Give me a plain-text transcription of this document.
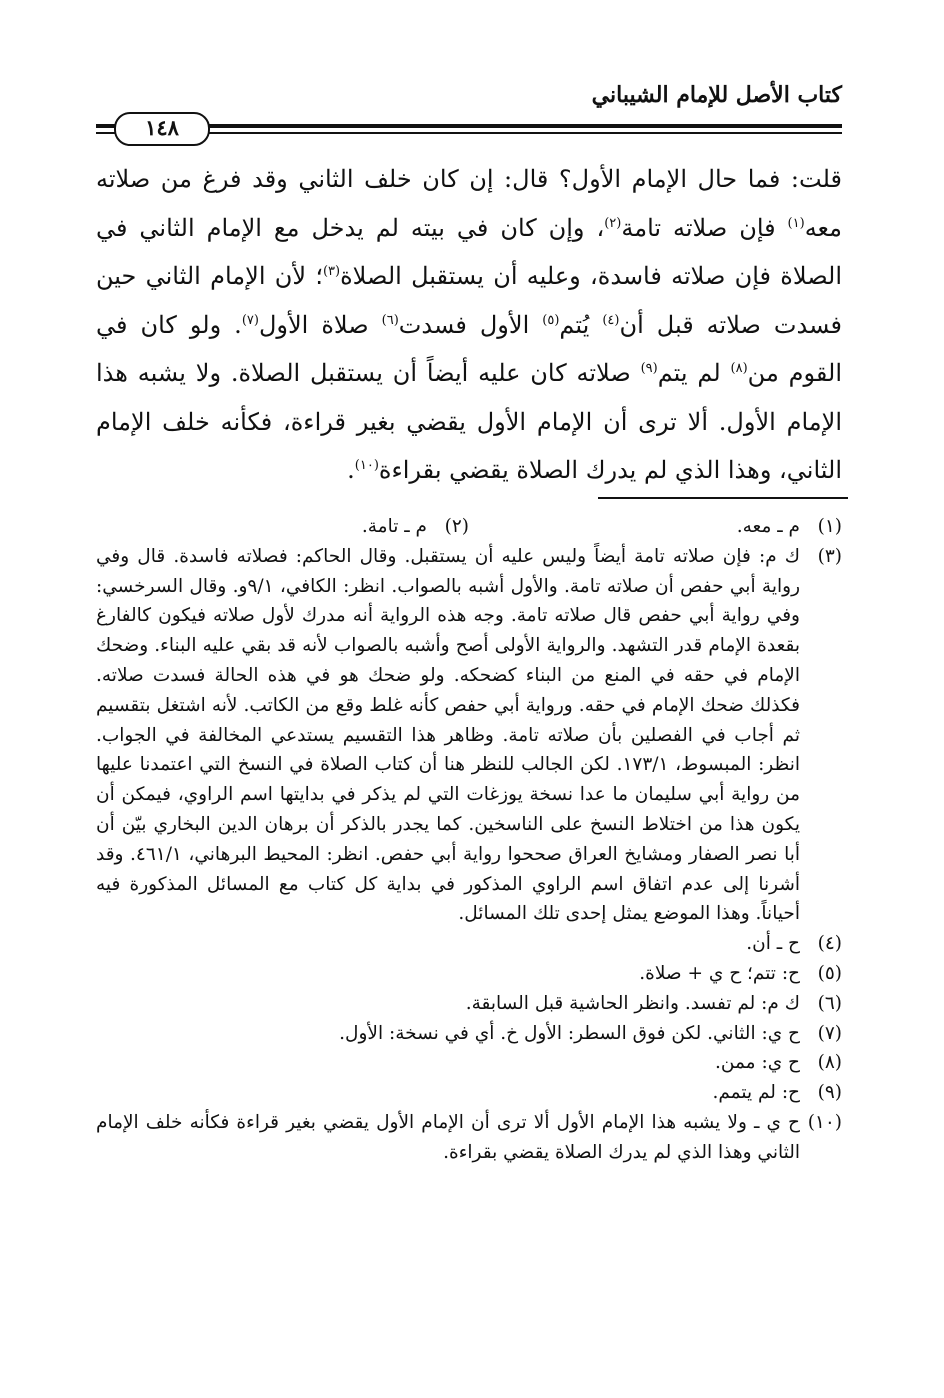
كتاب الأصل للإمام الشيباني
١٤٨
قلت: فما حال الإمام الأول؟ قال: إن كان خلف الثاني وقد فرغ من صلاته معه$^{(١)}$ فإن صلاته تامة$^{(٢)}$، وإن كان في بيته لم يدخل مع الإمام الثاني في الصلاة فإن صلاته فاسدة، وعليه أن يستقبل الصلاة$^{(٣)}$؛ لأن الإمام الثاني حين فسدت صلاته قبل أن$^{(٤)}$ يُتم$^{(٥)}$ الأول فسدت$^{(٦)}$ صلاة الأول$^{(٧)}$. ولو كان في القوم من$^{(٨)}$ لم يتم$^{(٩)}$ صلاته كان عليه أيضاً أن يستقبل الصلاة. ولا يشبه هذا الإمام الأول. ألا ترى أن الإمام الأول يقضي بغير قراءة، فكأنه خلف الإمام الثاني، وهذا الذي لم يدرك الصلاة يقضي بقراءة$^{(١٠)}$.
(١)
م ـ معه.
(٢)
م ـ تامة.
(٣)
ك م: فإن صلاته تامة أيضاً وليس عليه أن يستقبل. وقال الحاكم: فصلاته فاسدة. قال وفي رواية أبي حفص أن صلاته تامة. والأول أشبه بالصواب. انظر: الكافي، ٩/١و. وقال السرخسي: وفي رواية أبي حفص قال صلاته تامة. وجه هذه الرواية أنه مدرك لأول صلاته فيكون كالفارغ بقعدة الإمام قدر التشهد. والرواية الأولى أصح وأشبه بالصواب لأنه قد بقي عليه البناء. وضحك الإمام في حقه في المنع من البناء كضحكه. ولو ضحك هو في هذه الحالة فسدت صلاته. فكذلك ضحك الإمام في حقه. ورواية أبي حفص كأنه غلط وقع من الكاتب. لأنه اشتغل بتقسيم ثم أجاب في الفصلين بأن صلاته تامة. وظاهر هذا التقسيم يستدعي المخالفة في الجواب. انظر: المبسوط، ١٧٣/١. لكن الجالب للنظر هنا أن كتاب الصلاة في النسخ التي اعتمدنا عليها من رواية أبي سليمان ما عدا نسخة يوزغات التي لم يذكر في بدايتها اسم الراوي، فيمكن أن يكون هذا من اختلاط النسخ على الناسخين. كما يجدر بالذكر أن برهان الدين البخاري بيّن أن أبا نصر الصفار ومشايخ العراق صححوا رواية أبي حفص. انظر: المحيط البرهاني، ٤٦١/١. وقد أشرنا إلى عدم اتفاق اسم الراوي المذكور في بداية كل كتاب مع المسائل المذكورة فيه أحياناً. وهذا الموضع يمثل إحدى تلك المسائل.
(٤)
ح ـ أن.
(٥)
ح: تتم؛ ح ي + صلاة.
(٦)
ك م: لم تفسد. وانظر الحاشية قبل السابقة.
(٧)
ح ي: الثاني. لكن فوق السطر: الأول خ. أي في نسخة: الأول.
(٨)
ح ي: ممن.
(٩)
ح: لم يتمم.
(١٠)
ح ي ـ ولا يشبه هذا الإمام الأول ألا ترى أن الإمام الأول يقضي بغير قراءة فكأنه خلف الإمام الثاني وهذا الذي لم يدرك الصلاة يقضي بقراءة.
